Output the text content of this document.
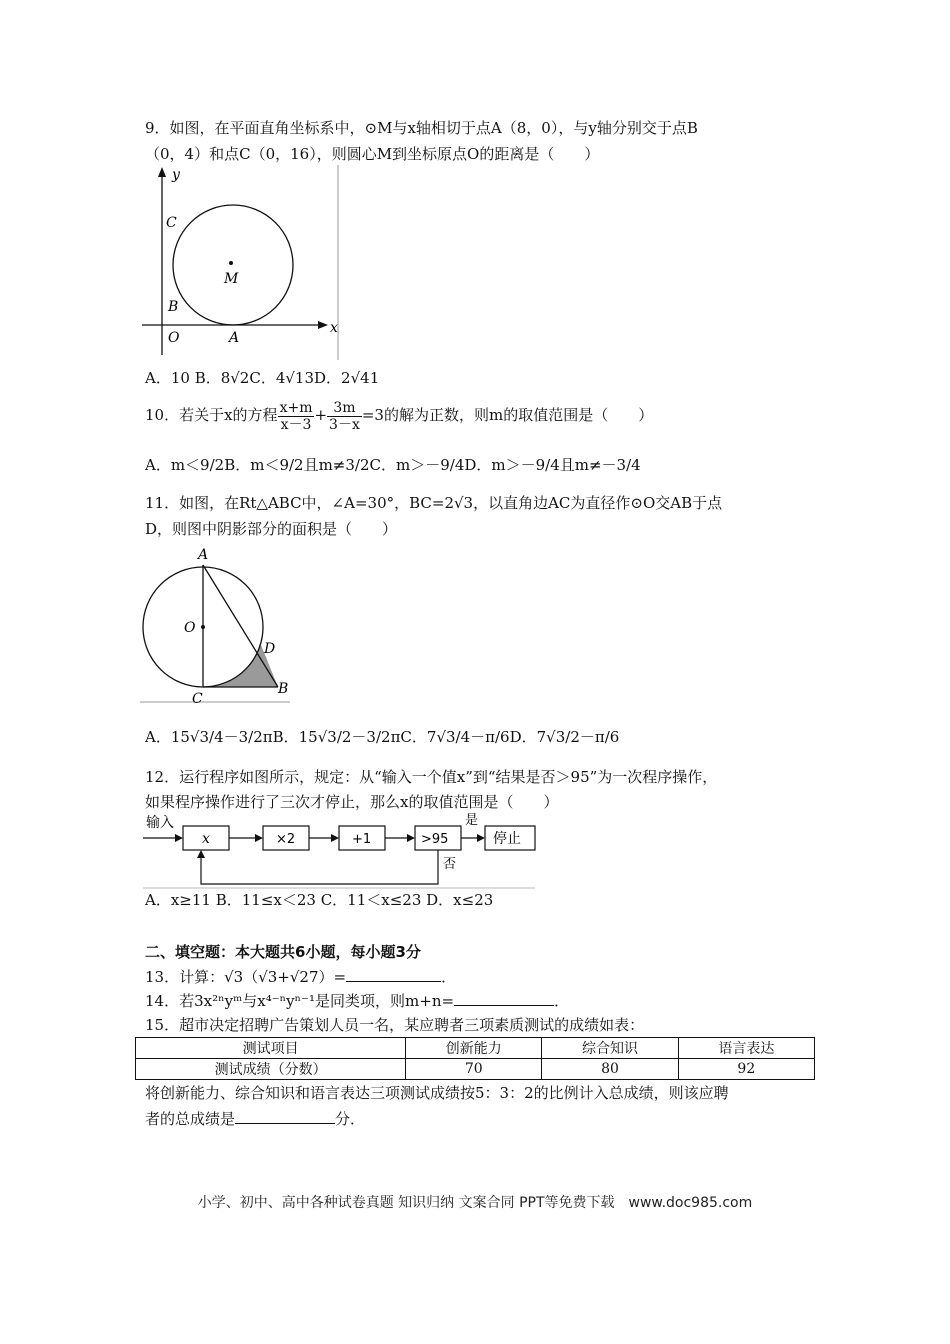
9．如图，在平面直角坐标系中，⊙M与x轴相切于点A（8，0），与y轴分别交于点B
（0，4）和点C（0，16），则圆心M到坐标原点O的距离是（　　）
y
C
M
B
O	A
x
A．10 B．8√2C．4√13D．2√41
10．若关于x的方程 $\frac{x+m}{x-3} + \frac{3m}{3-x} =3$的解为正数，则m的取值范围是（　　）
A．m＜9/2B．m＜9/2且m≠3/2C．m＞－9/4D．m＞－9/4且m≠－3/4
11．如图，在Rt△ABC中，∠A=30°，BC=2√3，以直角边AC为直径作⊙O交AB于点
D，则图中阴影部分的面积是（　　）
A
O
D
C
B
A．15√3/4－3/2πB．15√3/2－3/2πC．7√3/4－π/6D．7√3/2－π/6
12．运行程序如图所示，规定：从“输入一个值x”到“结果是否＞95”为一次程序操作，
如果程序操作进行了三次才停止，那么x的取值范围是（　　）
输入
x	×2	+1	>95
是
停止
否
A．x≥11 B．11≤x＜23 C．11＜x≤23 D．x≤23
二、填空题：本大题共6小题，每小题3分
13．计算：√3（√3+√27）=	．
14．若3x²ⁿyᵐ与x⁴⁻ⁿyⁿ⁻¹是同类项，则m+n=	．
15．超市决定招聘广告策划人员一名，某应聘者三项素质测试的成绩如表：
测试项目	创新能力	综合知识	语言表达
测试成绩（分数）	70	80	92
将创新能力、综合知识和语言表达三项测试成绩按5：3：2的比例计入总成绩，则该应聘
者的总成绩是	分．
小学、初中、高中各种试卷真题 知识归纳 文案合同 PPT等免费下载　www.doc985.com
